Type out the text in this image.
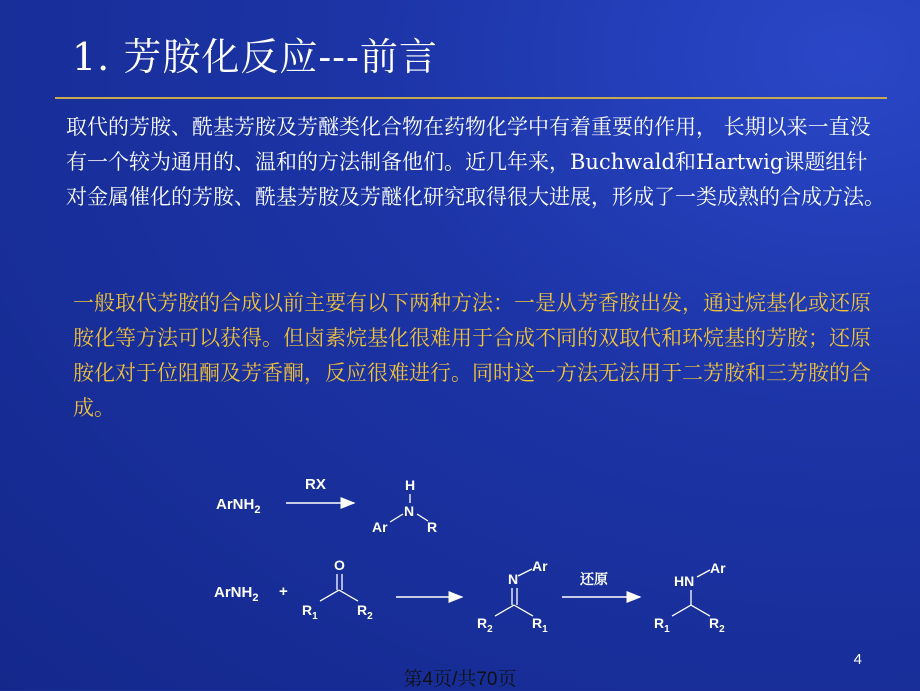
1. 芳胺化反应---前言
取代的芳胺、酰基芳胺及芳醚类化合物在药物化学中有着重要的作用， 长期以来一直没有一个较为通用的、温和的方法制备他们。近几年来，Buchwald和Hartwig课题组针对金属催化的芳胺、酰基芳胺及芳醚化研究取得很大进展，形成了一类成熟的合成方法。
一般取代芳胺的合成以前主要有以下两种方法：一是从芳香胺出发，通过烷基化或还原胺化等方法可以获得。但卤素烷基化很难用于合成不同的双取代和环烷基的芳胺；还原胺化对于位阻酮及芳香酮，反应很难进行。同时这一方法无法用于二芳胺和三芳胺的合成。
ArNH$_2$
RX	H
N
Ar	R
ArNH$_2$ +
O
$R_1$	$R_2$
N
Ar
$R_2$	$R_1$
还原	HN
Ar
$R_1$	$R_2$
4
第4页/共70页
